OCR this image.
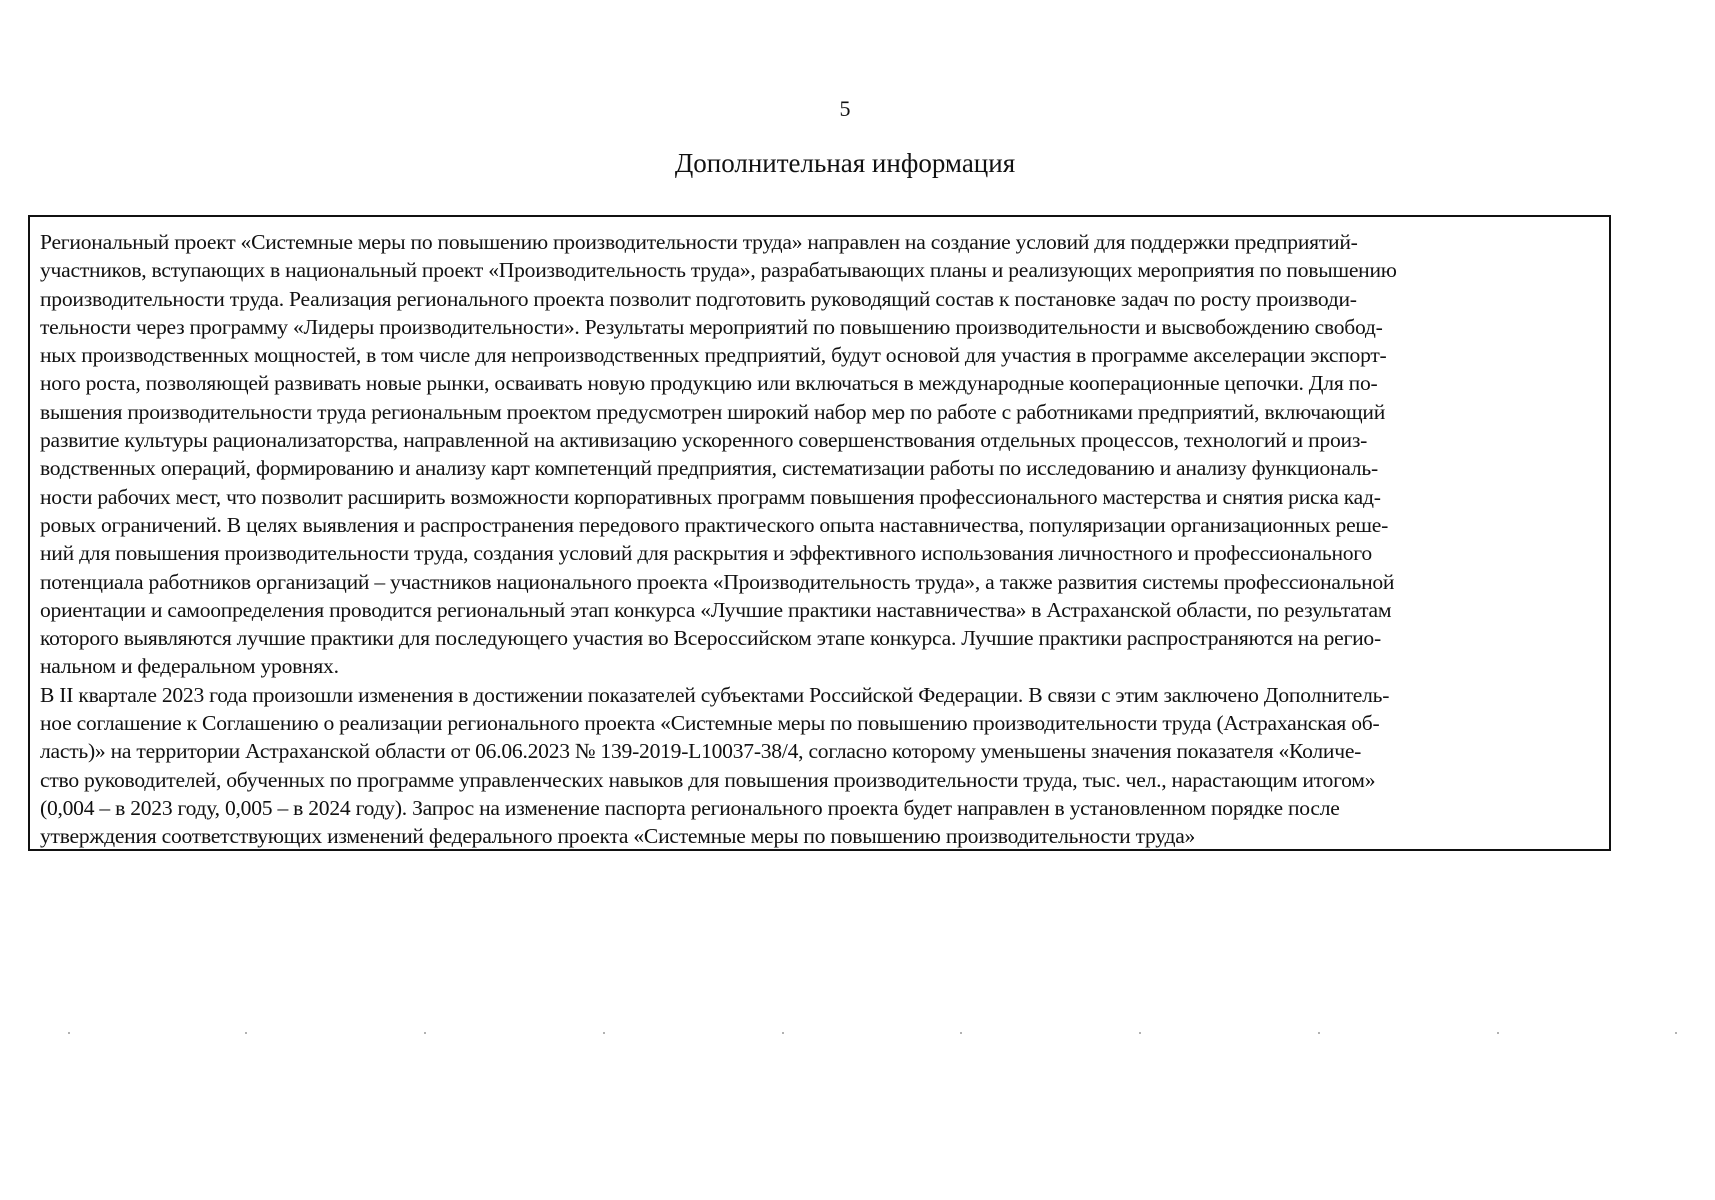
5
Дополнительная информация

Региональный проект «Системные меры по повышению производительности труда» направлен на создание условий для поддержки предприятий-
участников, вступающих в национальный проект «Производительность труда», разрабатывающих планы и реализующих мероприятия по повышению
производительности труда. Реализация регионального проекта позволит подготовить руководящий состав к постановке задач по росту производи-
тельности через программу «Лидеры производительности». Результаты мероприятий по повышению производительности и высвобождению свобод-
ных производственных мощностей, в том числе для непроизводственных предприятий, будут основой для участия в программе акселерации экспорт-
ного роста, позволяющей развивать новые рынки, осваивать новую продукцию или включаться в международные кооперационные цепочки. Для по-
вышения производительности труда региональным проектом предусмотрен широкий набор мер по работе с работниками предприятий, включающий
развитие культуры рационализаторства, направленной на активизацию ускоренного совершенствования отдельных процессов, технологий и произ-
водственных операций, формированию и анализу карт компетенций предприятия, систематизации работы по исследованию и анализу функциональ-
ности рабочих мест, что позволит расширить возможности корпоративных программ повышения профессионального мастерства и снятия риска кад-
ровых ограничений. В целях выявления и распространения передового практического опыта наставничества, популяризации организационных реше-
ний для повышения производительности труда, создания условий для раскрытия и эффективного использования личностного и профессионального
потенциала работников организаций – участников национального проекта «Производительность труда», а также развития системы профессиональной
ориентации и самоопределения проводится региональный этап конкурса «Лучшие практики наставничества» в Астраханской области, по результатам
которого выявляются лучшие практики для последующего участия во Всероссийском этапе конкурса. Лучшие практики распространяются на регио-
нальном и федеральном уровнях.

В II квартале 2023 года произошли изменения в достижении показателей субъектами Российской Федерации. В связи с этим заключено Дополнитель-
ное соглашение к Соглашению о реализации регионального проекта «Системные меры по повышению производительности труда (Астраханская об-
ласть)» на территории Астраханской области от 06.06.2023 № 139-2019-L10037-38/4, согласно которому уменьшены значения показателя «Количе-
ство руководителей, обученных по программе управленческих навыков для повышения производительности труда, тыс. чел., нарастающим итогом»
(0,004 – в 2023 году, 0,005 – в 2024 году). Запрос на изменение паспорта регионального проекта будет направлен в установленном порядке после
утверждения соответствующих изменений федерального проекта «Системные меры по повышению производительности труда»
